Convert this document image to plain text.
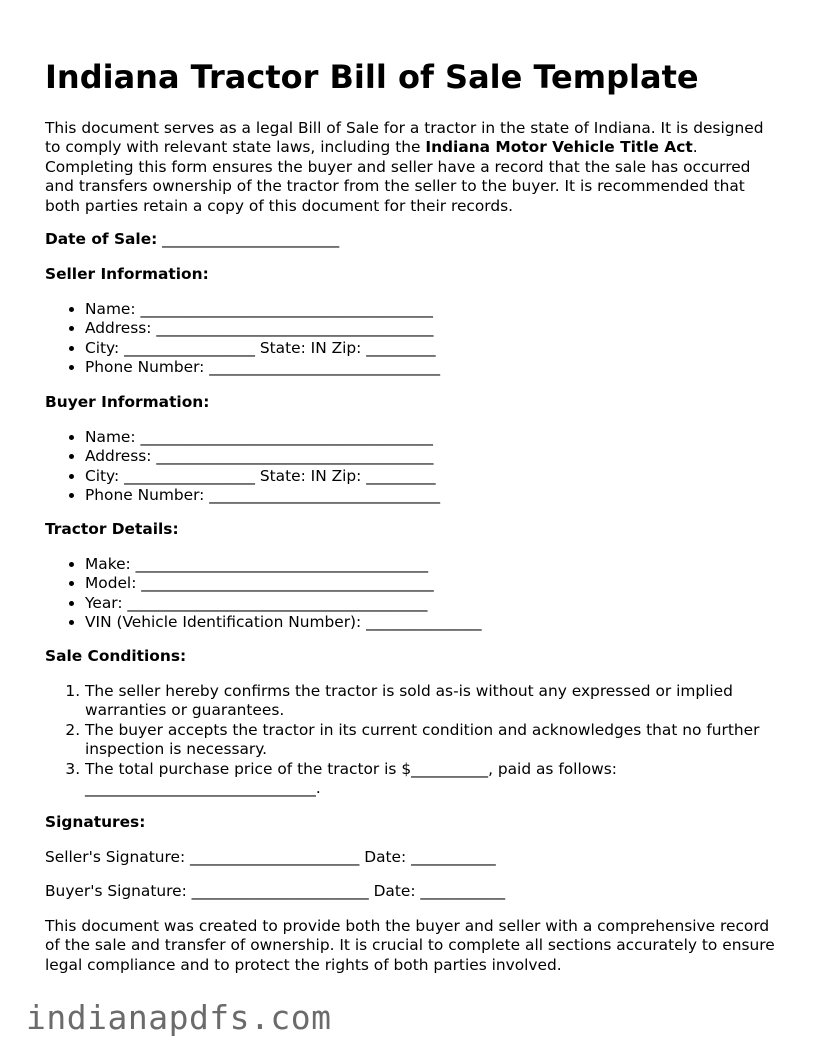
Indiana Tractor Bill of Sale Template

This document serves as a legal Bill of Sale for a tractor in the state of Indiana. It is designed to comply with relevant state laws, including the Indiana Motor Vehicle Title Act. Completing this form ensures the buyer and seller have a record that the sale has occurred and transfers ownership of the tractor from the seller to the buyer. It is recommended that both parties retain a copy of this document for their records.

Date of Sale: _______________________

Seller Information:

• Name: ______________________________________
• Address: ____________________________________
• City: _________________ State: IN Zip: _________
• Phone Number: ______________________________

Buyer Information:

• Name: ______________________________________
• Address: ____________________________________
• City: _________________ State: IN Zip: _________
• Phone Number: ______________________________

Tractor Details:

• Make: ______________________________________
• Model: ______________________________________
• Year: _______________________________________
• VIN (Vehicle Identification Number): _______________

Sale Conditions:

1. The seller hereby confirms the tractor is sold as-is without any expressed or implied warranties or guarantees.
2. The buyer accepts the tractor in its current condition and acknowledges that no further inspection is necessary.
3. The total purchase price of the tractor is $__________, paid as follows: ______________________________.

Signatures:

Seller's Signature: ______________________ Date: ___________

Buyer's Signature: _______________________ Date: ___________

This document was created to provide both the buyer and seller with a comprehensive record of the sale and transfer of ownership. It is crucial to complete all sections accurately to ensure legal compliance and to protect the rights of both parties involved.

indianapdfs.com
